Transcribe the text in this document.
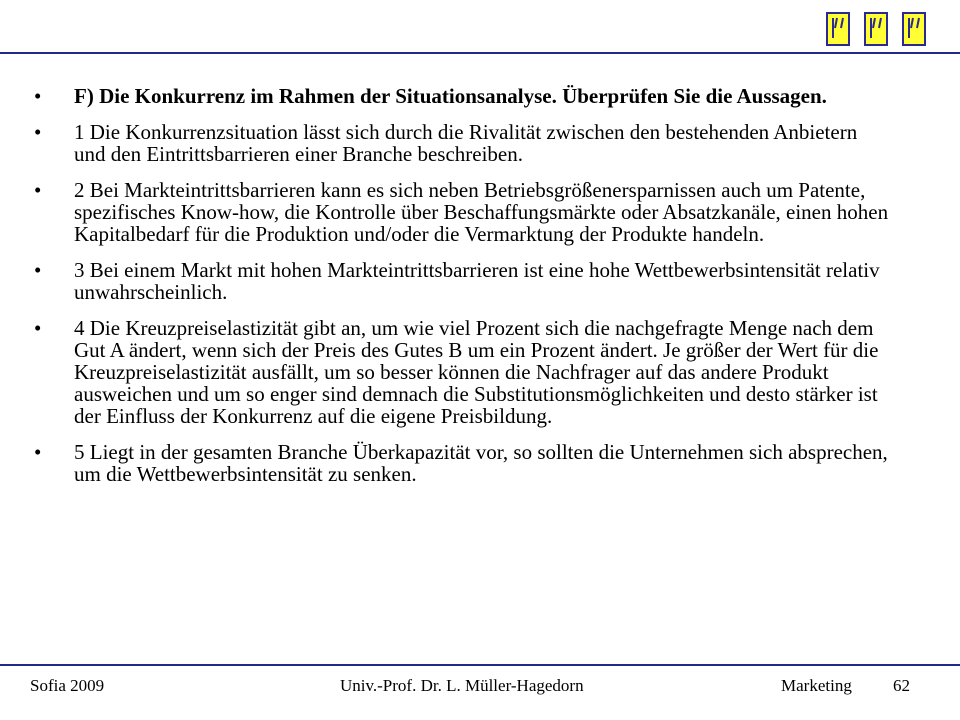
•	F) Die Konkurrenz im Rahmen der Situationsanalyse. Überprüfen Sie die Aussagen.
•	1 Die Konkurrenzsituation lässt sich durch die Rivalität zwischen den bestehenden Anbietern und den Eintrittsbarrieren einer Branche beschreiben.
•	2 Bei Markteintrittsbarrieren kann es sich neben Betriebsgrößenersparnissen auch um Patente, spezifisches Know-how, die Kontrolle über Beschaffungsmärkte oder Absatzkanäle, einen hohen Kapitalbedarf für die Produktion und/oder die Vermarktung der Produkte handeln.
•	3 Bei einem Markt mit hohen Markteintrittsbarrieren ist eine hohe Wettbewerbsintensität relativ unwahrscheinlich.
•	4 Die Kreuzpreiselastizität gibt an, um wie viel Prozent sich die nachgefragte Menge nach dem Gut A ändert, wenn sich der Preis des Gutes B um ein Prozent ändert. Je größer der Wert für die Kreuzpreiselastizität ausfällt, um so besser können die Nachfrager auf das andere Produkt ausweichen und um so enger sind demnach die Substitutionsmöglichkeiten und desto stärker ist der Einfluss der Konkurrenz auf die eigene Preisbildung.
•	5 Liegt in der gesamten Branche Überkapazität vor, so sollten die Unternehmen sich absprechen, um die Wettbewerbsintensität zu senken.
Sofia 2009	Univ.-Prof. Dr. L. Müller-Hagedorn	Marketing 62
